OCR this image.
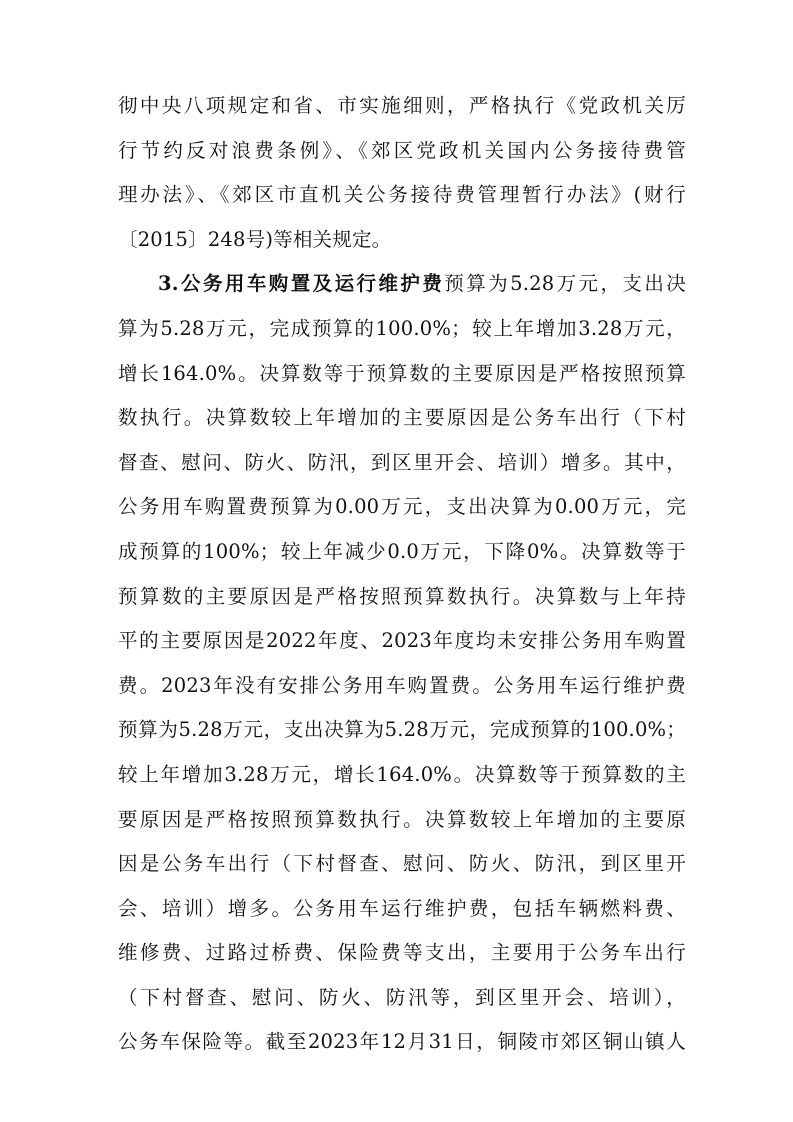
彻中央八项规定和省、市实施细则，严格执行《党政机关厉
行节约反对浪费条例》、《郊区党政机关国内公务接待费管
理办法》、《郊区市直机关公务接待费管理暂行办法》(财行
〔2015〕248号)等相关规定。
3.公务用车购置及运行维护费预算为5.28万元，支出决
算为5.28万元，完成预算的100.0%；较上年增加3.28万元，
增长164.0%。决算数等于预算数的主要原因是严格按照预算
数执行。决算数较上年增加的主要原因是公务车出行（下村
督查、慰问、防火、防汛，到区里开会、培训）增多。其中，
公务用车购置费预算为0.00万元，支出决算为0.00万元，完
成预算的100%；较上年减少0.0万元，下降0%。决算数等于
预算数的主要原因是严格按照预算数执行。决算数与上年持
平的主要原因是2022年度、2023年度均未安排公务用车购置
费。2023年没有安排公务用车购置费。公务用车运行维护费
预算为5.28万元，支出决算为5.28万元，完成预算的100.0%；
较上年增加3.28万元，增长164.0%。决算数等于预算数的主
要原因是严格按照预算数执行。决算数较上年增加的主要原
因是公务车出行（下村督查、慰问、防火、防汛，到区里开
会、培训）增多。公务用车运行维护费，包括车辆燃料费、
维修费、过路过桥费、保险费等支出，主要用于公务车出行
（下村督查、慰问、防火、防汛等，到区里开会、培训），
公务车保险等。截至2023年12月31日，铜陵市郊区铜山镇人
